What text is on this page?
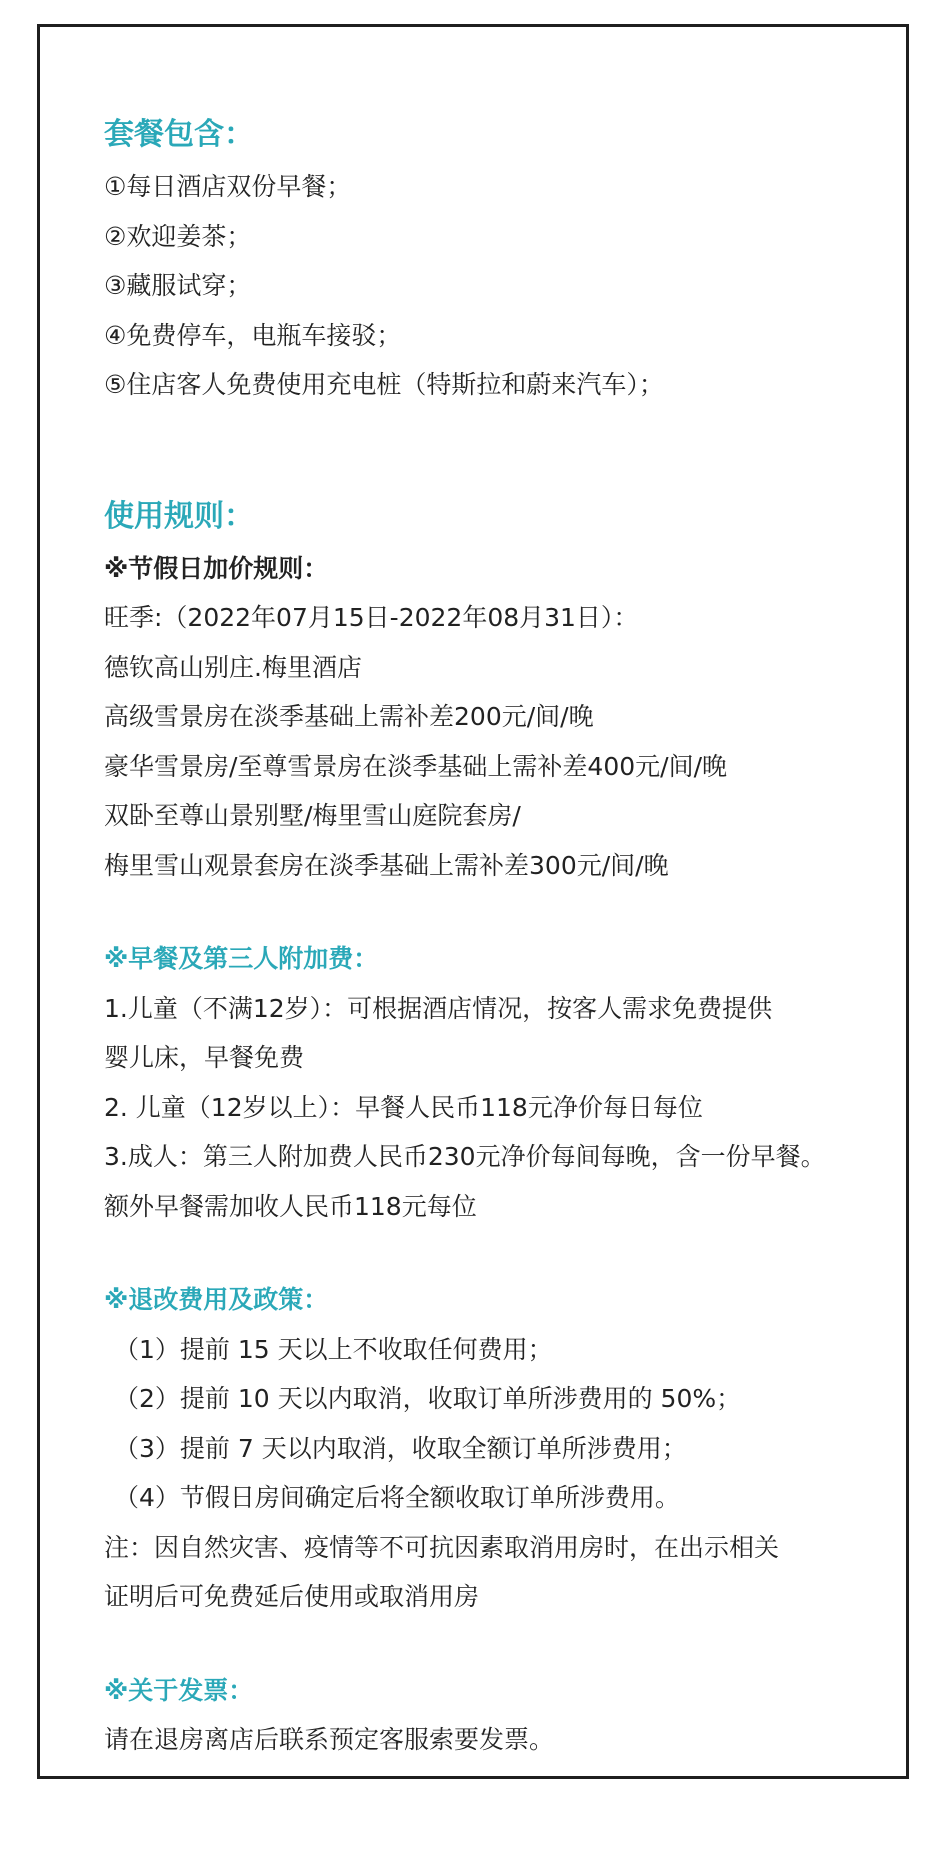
套餐包含：
①每日酒店双份早餐；
②欢迎姜茶；
③藏服试穿；
④免费停车，电瓶车接驳；
⑤住店客人免费使用充电桩（特斯拉和蔚来汽车）；
使用规则：
※节假日加价规则：
旺季:（2022年07月15日-2022年08月31日）：
德钦高山别庄.梅里酒店
高级雪景房在淡季基础上需补差200元/间/晚
豪华雪景房/至尊雪景房在淡季基础上需补差400元/间/晚
双卧至尊山景别墅/梅里雪山庭院套房/
梅里雪山观景套房在淡季基础上需补差300元/间/晚
※早餐及第三人附加费：
1.儿童（不满12岁）：可根据酒店情况，按客人需求免费提供
婴儿床，早餐免费
2. 儿童（12岁以上）：早餐人民币118元净价每日每位
3.成人：第三人附加费人民币230元净价每间每晚，含一份早餐。
额外早餐需加收人民币118元每位
※退改费用及政策：
（1）提前 15 天以上不收取任何费用；
（2）提前 10 天以内取消，收取订单所涉费用的 50%；
（3）提前 7 天以内取消，收取全额订单所涉费用；
（4）节假日房间确定后将全额收取订单所涉费用。
注：因自然灾害、疫情等不可抗因素取消用房时，在出示相关
证明后可免费延后使用或取消用房
※关于发票：
请在退房离店后联系预定客服索要发票。
